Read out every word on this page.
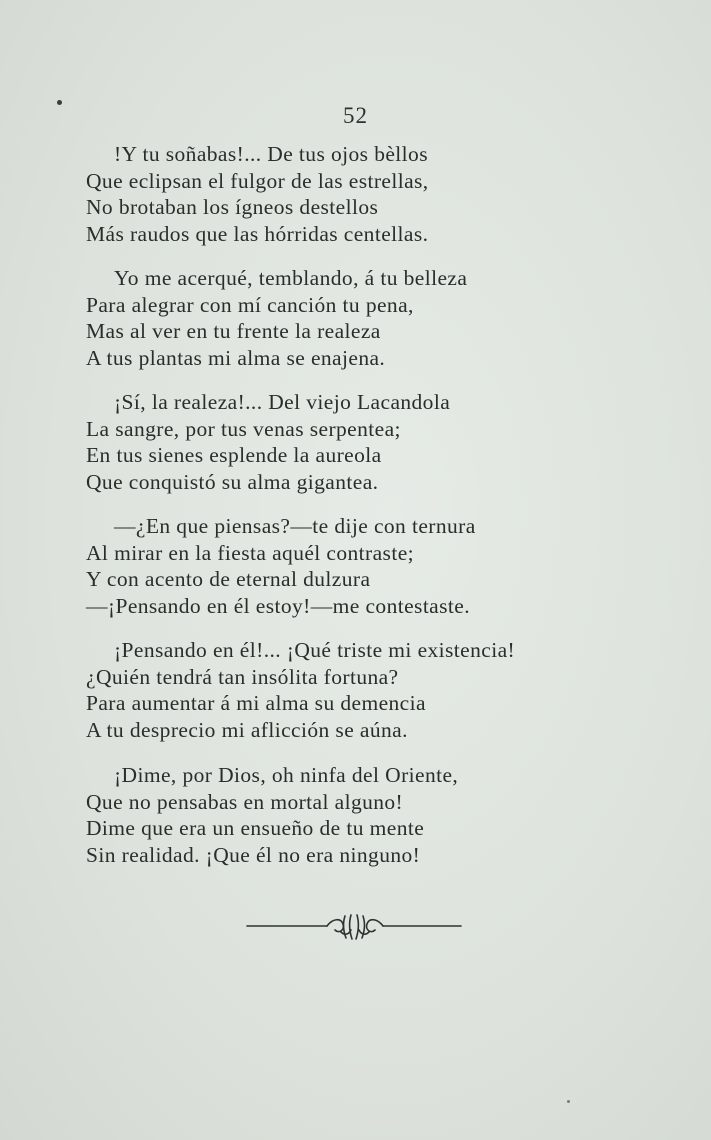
52
!Y tu soñabas!... De tus ojos bèllos
Que eclipsan el fulgor de las estrellas,
No brotaban los ígneos destellos
Más raudos que las hórridas centellas.
Yo me acerqué, temblando, á tu belleza
Para alegrar con mí canción tu pena,
Mas al ver en tu frente la realeza
A tus plantas mi alma se enajena.
¡Sí, la realeza!... Del viejo Lacandola
La sangre, por tus venas serpentea;
En tus sienes esplende la aureola
Que conquistó su alma gigantea.
—¿En que piensas?—te dije con ternura
Al mirar en la fiesta aquél contraste;
Y con acento de eternal dulzura
—¡Pensando en él estoy!—me contestaste.
¡Pensando en él!... ¡Qué triste mi existencia!
¿Quién tendrá tan insólita fortuna?
Para aumentar á mi alma su demencia
A tu desprecio mi aflicción se aúna.
¡Dime, por Dios, oh ninfa del Oriente,
Que no pensabas en mortal alguno!
Dime que era un ensueño de tu mente
Sin realidad. ¡Que él no era ninguno!
